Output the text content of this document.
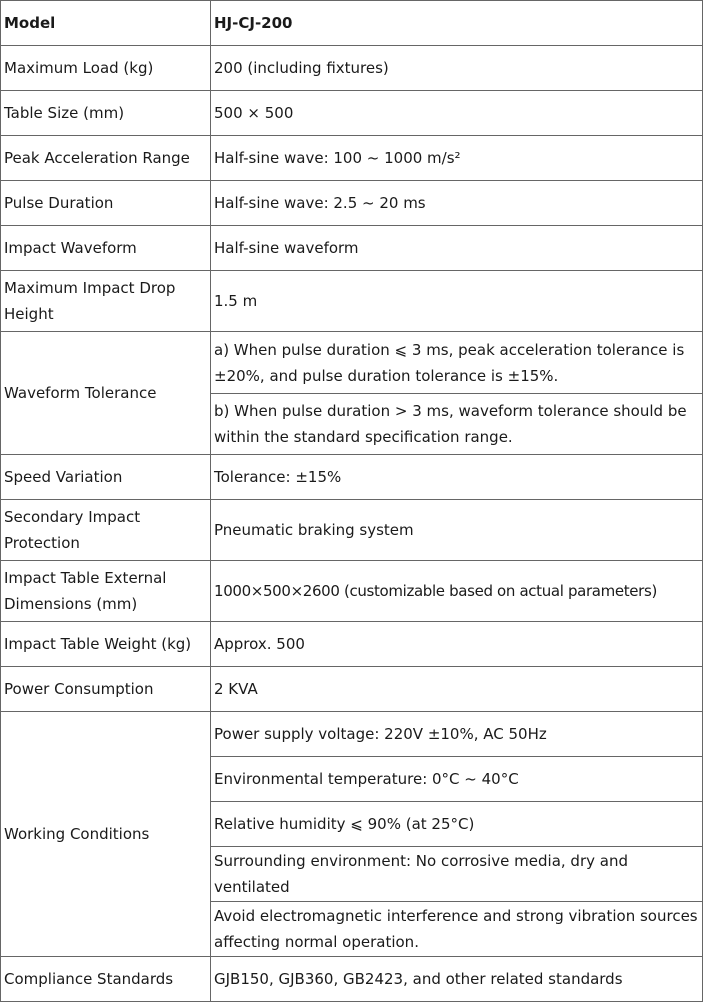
Model	HJ-CJ-200
Maximum Load (kg)	200 (including fixtures)
Table Size (mm)	500 × 500
Peak Acceleration Range	Half-sine wave: 100 ~ 1000 m/s²
Pulse Duration	Half-sine wave: 2.5 ~ 20 ms
Impact Waveform	Half-sine waveform
Maximum Impact Drop Height	1.5 m
Waveform Tolerance	a) When pulse duration ⩽ 3 ms, peak acceleration tolerance is ±20%, and pulse duration tolerance is ±15%.
	b) When pulse duration > 3 ms, waveform tolerance should be within the standard specification range.
Speed Variation	Tolerance: ±15%
Secondary Impact Protection	Pneumatic braking system
Impact Table External Dimensions (mm)	1000×500×2600 (customizable based on actual parameters)
Impact Table Weight (kg)	Approx. 500
Power Consumption	2 KVA
Working Conditions	Power supply voltage: 220V ±10%, AC 50Hz
	Environmental temperature: 0°C ~ 40°C
	Relative humidity ⩽ 90% (at 25°C)
	Surrounding environment: No corrosive media, dry and ventilated
	Avoid electromagnetic interference and strong vibration sources affecting normal operation.
Compliance Standards	GJB150, GJB360, GB2423, and other related standards
